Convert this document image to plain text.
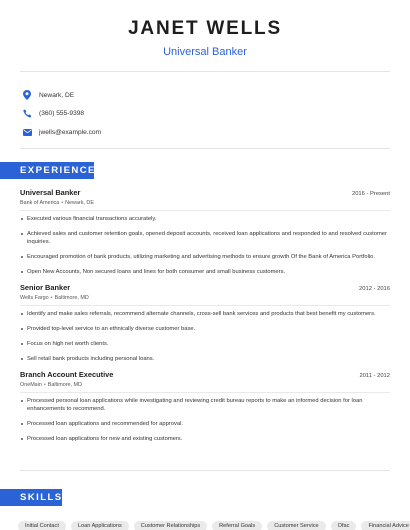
JANET WELLS
Universal Banker
Newark, DE
(360) 555-9398
jwells@example.com
EXPERIENCE
Universal Banker	2016 - Present
Bank of America • Newark, DE
Executed various financial transactions accurately.
Achieved sales and customer retention goals, opened deposit accounts, received loan applications and responded to and resolved customer inquiries.
Encouraged promotion of bank products, utilizing marketing and advertising methods to ensure growth Of the Bank of America Portfolio.
Open New Accounts, Non secured loans and lines for both consumer and small business customers.
Senior Banker	2012 - 2016
Wells Fargo • Baltimore, MD
Identify and make sales referrals, recommend alternate channels, cross-sell bank services and products that best benefit my customers.
Provided top-level service to an ethnically diverse customer base.
Focus on high net worth clients.
Sell retail bank products including personal loans.
Branch Account Executive	2011 - 2012
OneMain • Baltimore, MD
Processed personal loan applications while investigating and reviewing credit bureau reports to make an informed decision for loan enhancements to recommend.
Processed loan applications and recommended for approval.
Processed loan applications for new and existing customers.
SKILLS
Initial Contact	Loan Applications	Customer Relationships	Referral Goals	Customer Service	Ofac	Financial Advice
